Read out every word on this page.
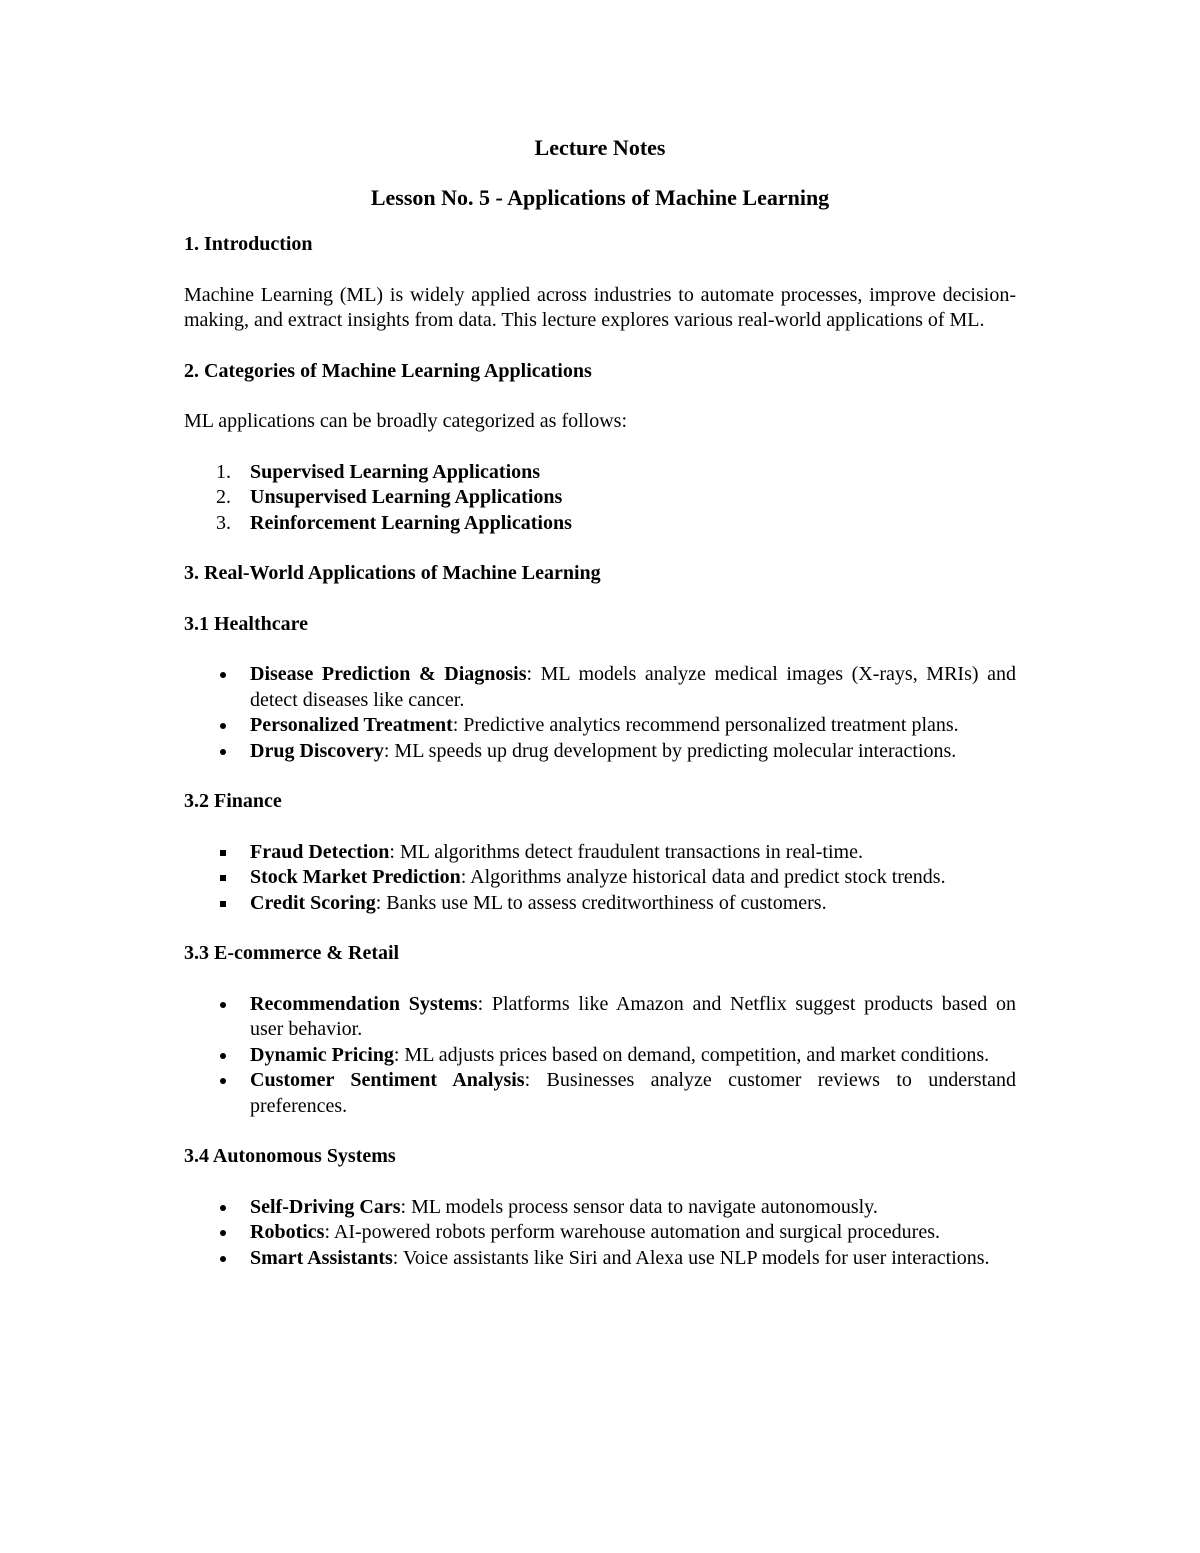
Lecture Notes
Lesson No. 5 - Applications of Machine Learning
1. Introduction

Machine Learning (ML) is widely applied across industries to automate processes, improve decision-making, and extract insights from data. This lecture explores various real-world applications of ML.

2. Categories of Machine Learning Applications

ML applications can be broadly categorized as follows:

1. Supervised Learning Applications
2. Unsupervised Learning Applications
3. Reinforcement Learning Applications
3. Real-World Applications of Machine Learning
3.1 Healthcare
Disease Prediction & Diagnosis: ML models analyze medical images (X-rays, MRIs) and detect diseases like cancer.
Personalized Treatment: Predictive analytics recommend personalized treatment plans.
Drug Discovery: ML speeds up drug development by predicting molecular interactions.
3.2 Finance
Fraud Detection: ML algorithms detect fraudulent transactions in real-time.
Stock Market Prediction: Algorithms analyze historical data and predict stock trends.
Credit Scoring: Banks use ML to assess creditworthiness of customers.
3.3 E-commerce & Retail
Recommendation Systems: Platforms like Amazon and Netflix suggest products based on user behavior.
Dynamic Pricing: ML adjusts prices based on demand, competition, and market conditions.
Customer Sentiment Analysis: Businesses analyze customer reviews to understand preferences.
3.4 Autonomous Systems
Self-Driving Cars: ML models process sensor data to navigate autonomously.
Robotics: AI-powered robots perform warehouse automation and surgical procedures.
Smart Assistants: Voice assistants like Siri and Alexa use NLP models for user interactions.
